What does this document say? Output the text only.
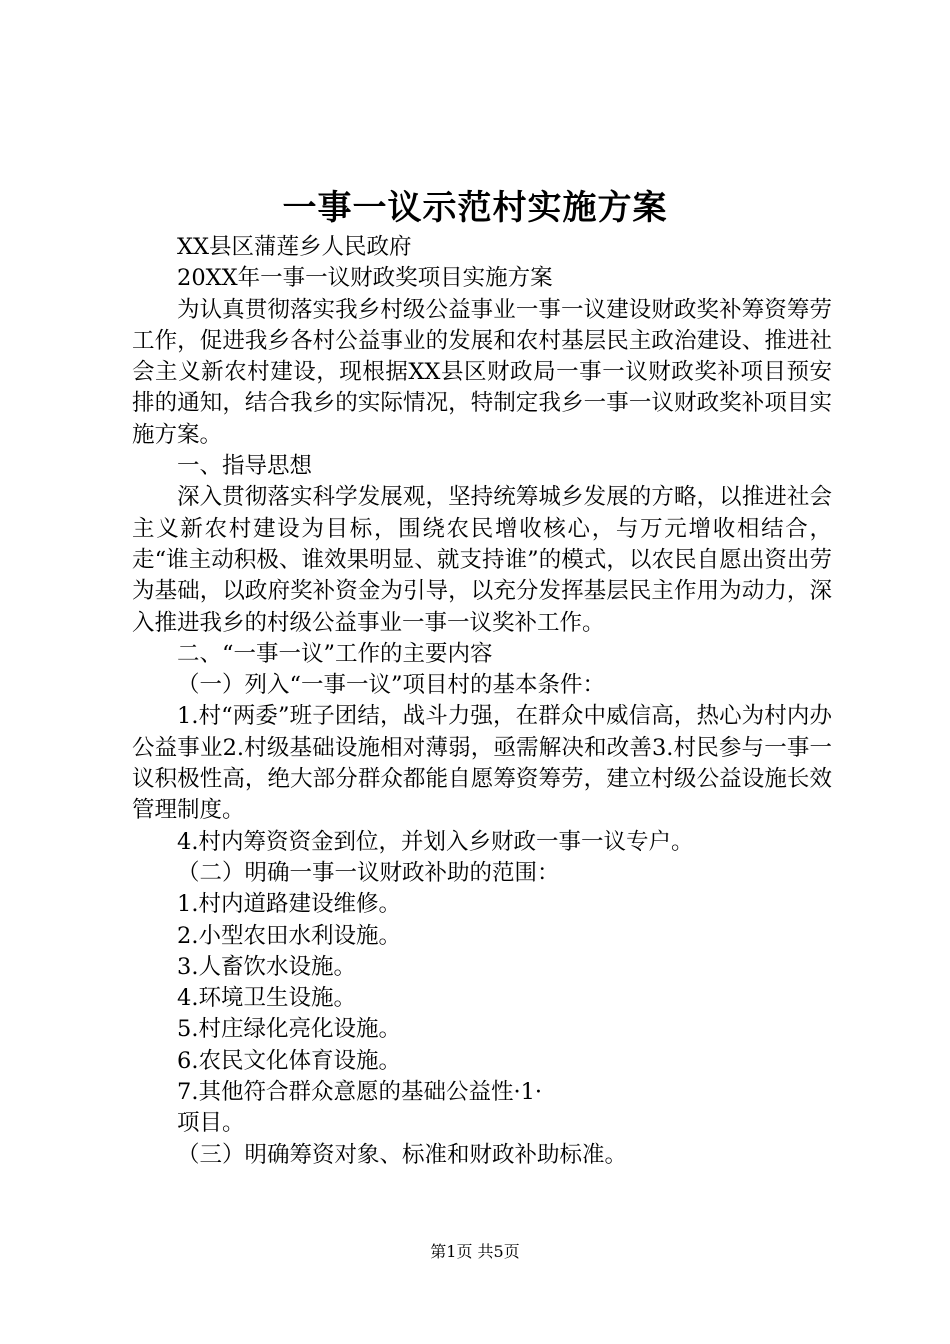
一事一议示范村实施方案

XX县区蒲莲乡人民政府

20XX年一事一议财政奖项目实施方案

为认真贯彻落实我乡村级公益事业一事一议建设财政奖补筹资筹劳工作，促进我乡各村公益事业的发展和农村基层民主政治建设、推进社会主义新农村建设，现根据XX县区财政局一事一议财政奖补项目预安排的通知，结合我乡的实际情况，特制定我乡一事一议财政奖补项目实施方案。

一、指导思想

深入贯彻落实科学发展观，坚持统筹城乡发展的方略，以推进社会主义新农村建设为目标，围绕农民增收核心，与万元增收相结合，走“谁主动积极、谁效果明显、就支持谁”的模式，以农民自愿出资出劳为基础，以政府奖补资金为引导，以充分发挥基层民主作用为动力，深入推进我乡的村级公益事业一事一议奖补工作。

二、“一事一议”工作的主要内容

（一）列入“一事一议”项目村的基本条件：

1.村“两委”班子团结，战斗力强，在群众中威信高，热心为村内办公益事业2.村级基础设施相对薄弱，亟需解决和改善3.村民参与一事一议积极性高，绝大部分群众都能自愿筹资筹劳，建立村级公益设施长效管理制度。

4.村内筹资资金到位，并划入乡财政一事一议专户。

（二）明确一事一议财政补助的范围：

1.村内道路建设维修。

2.小型农田水利设施。

3.人畜饮水设施。

4.环境卫生设施。

5.村庄绿化亮化设施。

6.农民文化体育设施。

7.其他符合群众意愿的基础公益性·1·

项目。

（三）明确筹资对象、标准和财政补助标准。

第1页 共5页
